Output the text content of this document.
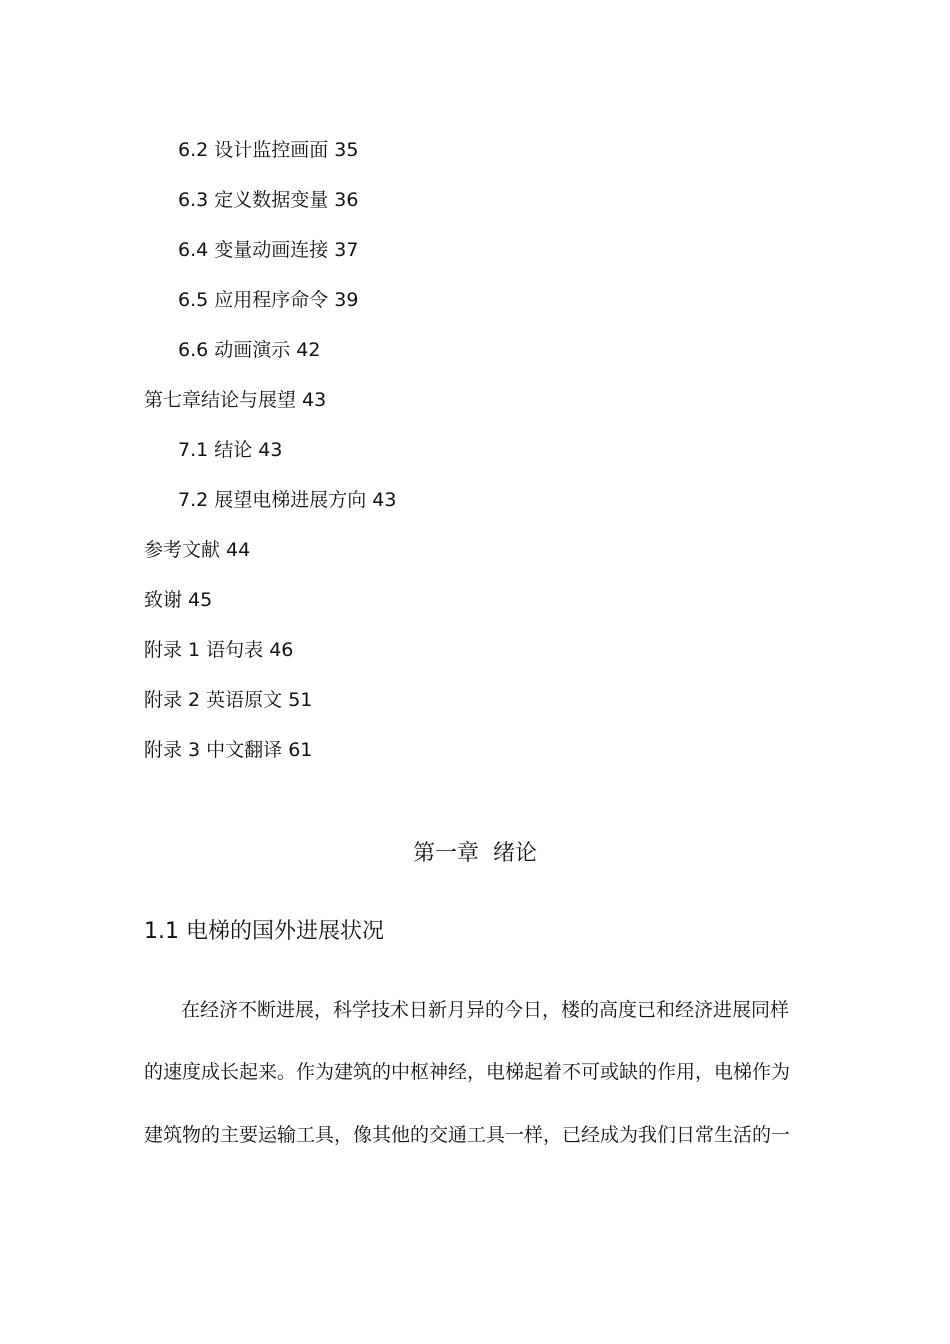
6.2 设计监控画面 35
6.3 定义数据变量 36
6.4 变量动画连接 37
6.5 应用程序命令 39
6.6 动画演示 42
第七章结论与展望 43
7.1 结论 43
7.2 展望电梯进展方向 43
参考文献 44
致谢 45
附录 1 语句表 46
附录 2 英语原文 51
附录 3 中文翻译 61
第一章  绪论
1.1 电梯的国外进展状况
在经济不断进展，科学技术日新月异的今日，楼的高度已和经济进展同样
的速度成长起来。作为建筑的中枢神经，电梯起着不可或缺的作用，电梯作为
建筑物的主要运输工具，像其他的交通工具一样，已经成为我们日常生活的一
